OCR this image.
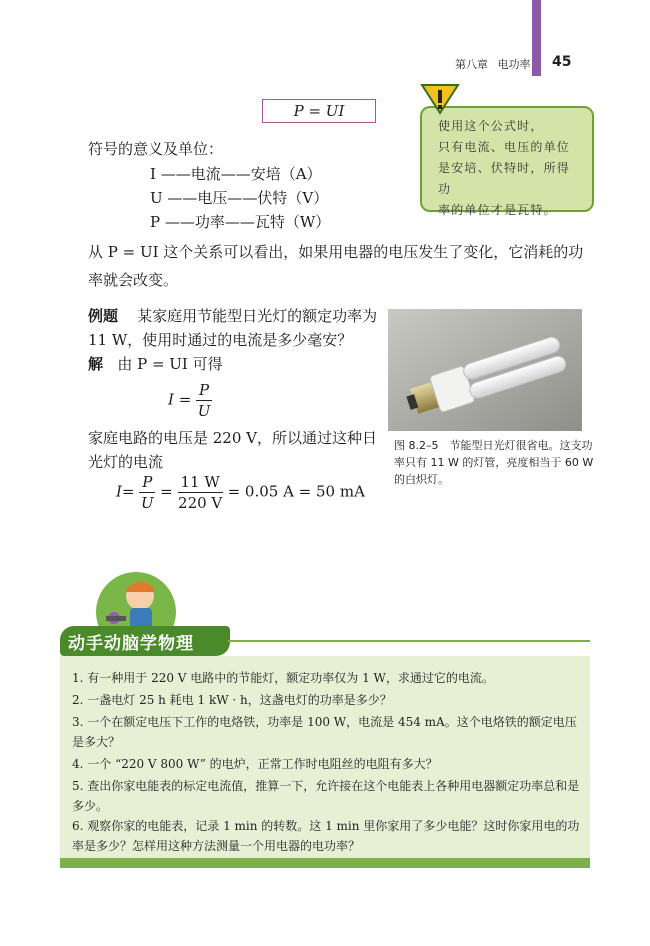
第八章 电功率	45
P = UI
使用这个公式时，
只有电流、电压的单位
是安培、伏特时，所得功
率的单位才是瓦特。
符号的意义及单位：
I ——电流——安培（A）
U ——电压——伏特（V）
P ——功率——瓦特（W）
从 P = UI 这个关系可以看出，如果用电器的电压发生了变化，它消耗的功率就会改变。
例题 某家庭用节能型日光灯的额定功率为 11 W，使用时通过的电流是多少毫安？
解 由 P = UI 可得
$I = \frac{P}{U}$
家庭电路的电压是 220 V，所以通过这种日光灯的电流
$I= \frac{P}{U} = \frac{11 W}{220 V} = 0.05$ A = 50 mA
图 8.2–5　节能型日光灯很省电。这支功率只有 11 W 的灯管，亮度相当于 60 W 的白炽灯。
动手动脑学物理
1. 有一种用于 220 V 电路中的节能灯，额定功率仅为 1 W，求通过它的电流。
2. 一盏电灯 25 h 耗电 1 kW · h，这盏电灯的功率是多少？
3. 一个在额定电压下工作的电烙铁，功率是 100 W，电流是 454 mA。这个电烙铁的额定电压是多大？
4. 一个 “220 V 800 W” 的电炉，正常工作时电阻丝的电阻有多大？
5. 查出你家电能表的标定电流值，推算一下，允许接在这个电能表上各种用电器额定功率总和是多少。
6. 观察你家的电能表，记录 1 min 的转数。这 1 min 里你家用了多少电能？这时你家用电的功率是多少？怎样用这种方法测量一个用电器的电功率？
